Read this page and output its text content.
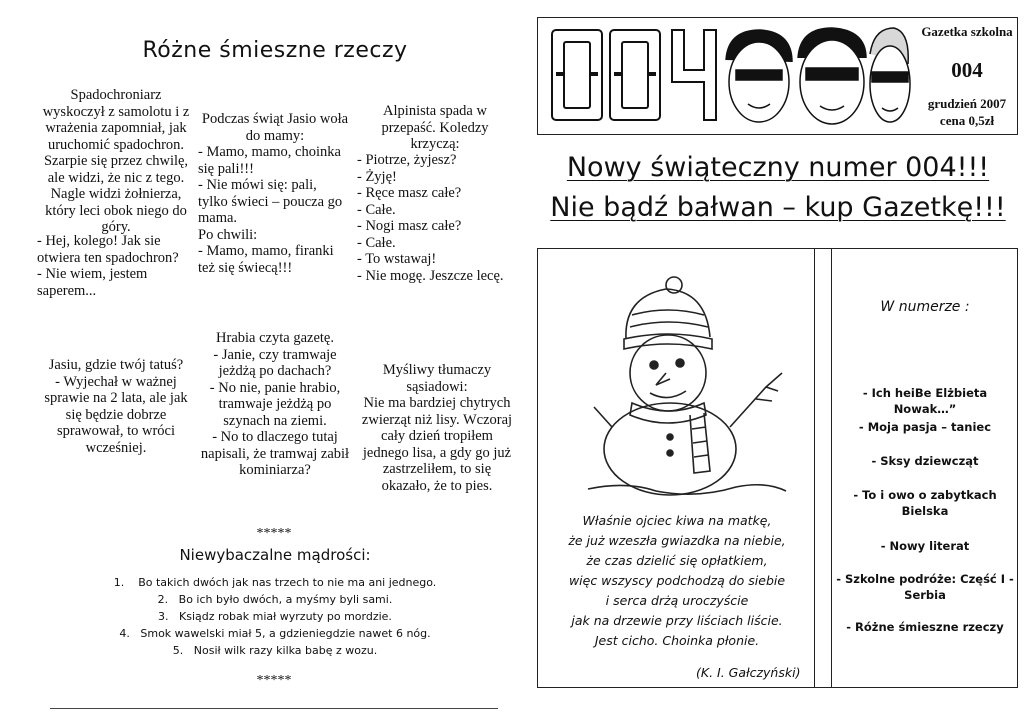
Różne śmieszne rzeczy
Spadochroniarz
wyskoczył z samolotu i z
wrażenia zapomniał, jak
uruchomić spadochron.
Szarpie się przez chwilę,
ale widzi, że nic z tego.
Nagle widzi żołnierza,
który leci obok niego do
góry.
- Hej, kolego! Jak sie
otwiera ten spadochron?
- Nie wiem, jestem
saperem...
Podczas świąt Jasio woła
do mamy:
- Mamo, mamo, choinka
się pali!!!
- Nie mówi się: pali,
tylko świeci – poucza go
mama.
Po chwili:
- Mamo, mamo, firanki
też się świecą!!!
Alpinista spada w
przepaść. Koledzy
krzyczą:
- Piotrze, żyjesz?
- Żyję!
- Ręce masz całe?
- Całe.
- Nogi masz całe?
- Całe.
- To wstawaj!
- Nie mogę. Jeszcze lecę.
Jasiu, gdzie twój tatuś?
- Wyjechał w ważnej
sprawie na 2 lata, ale jak
się będzie dobrze
sprawował, to wróci
wcześniej.
Hrabia czyta gazetę.
- Janie, czy tramwaje
jeżdżą po dachach?
- No nie, panie hrabio,
tramwaje jeżdżą po
szynach na ziemi.
- No to dlaczego tutaj
napisali, że tramwaj zabił
kominiarza?
Myśliwy tłumaczy
sąsiadowi:
Nie ma bardziej chytrych
zwierząt niż lisy. Wczoraj
cały dzień tropiłem
jednego lisa, a gdy go już
zastrzeliłem, to się
okazało, że to pies.
*****
Niewybaczalne mądrości:
1.    Bo takich dwóch jak nas trzech to nie ma ani jednego.
2.   Bo ich było dwóch, a myśmy byli sami.
3.   Ksiądz robak miał wyrzuty po mordzie.
4.   Smok wawelski miał 5, a gdzieniegdzie nawet 6 nóg.
5.   Nosił wilk razy kilka babę z wozu.
*****
Gazetka szkolna
004
grudzień 2007
cena 0,5zł
Nowy świąteczny numer 004!!!
Nie bądź bałwan – kup Gazetkę!!!
Właśnie ojciec kiwa na matkę,
że już wzeszła gwiazdka na niebie,
że czas dzielić się opłatkiem,
więc wszyscy podchodzą do siebie
i serca drżą uroczyście
jak na drzewie przy liściach liście.
Jest cicho. Choinka płonie.
(K. I. Gałczyński)
W numerze :
- Ich heiBe Elżbieta Nowak…”
- Moja pasja – taniec
- Sksy dziewcząt
- To i owo o zabytkach
Bielska
- Nowy literat
- Szkolne podróże: Część I -
Serbia
- Różne śmieszne rzeczy
